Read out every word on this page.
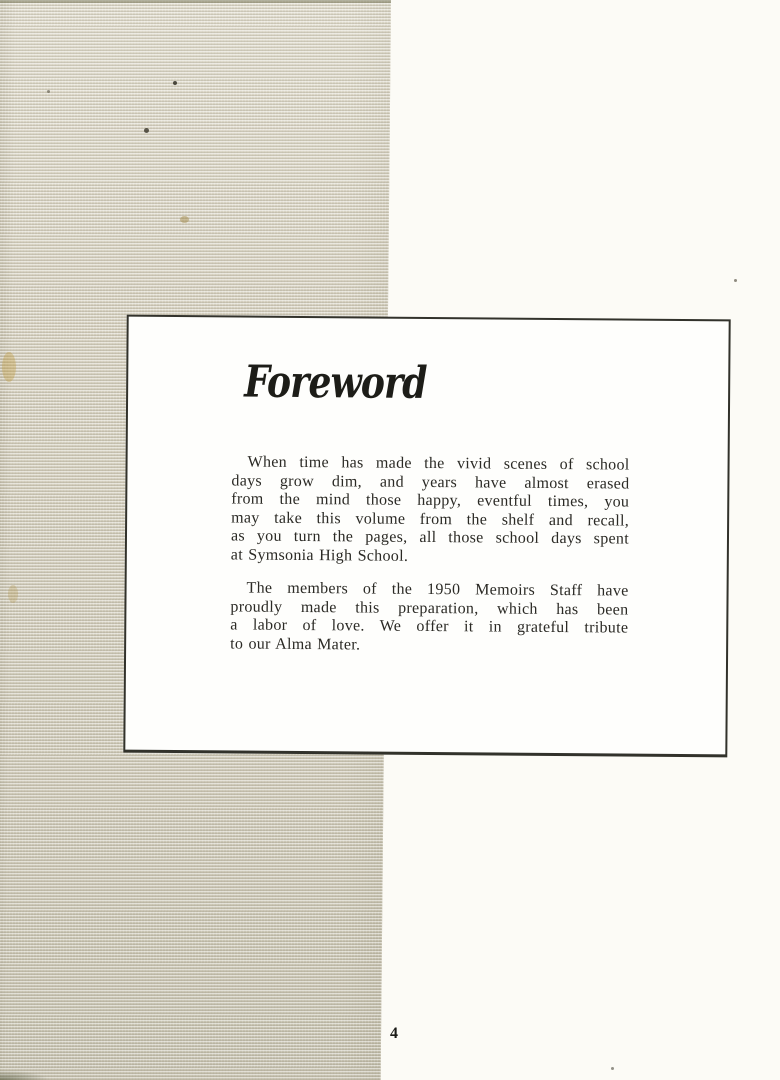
Foreword
When time has made the vivid scenes of school
days grow dim, and years have almost erased
from the mind those happy, eventful times, you
may take this volume from the shelf and recall,
as you turn the pages, all those school days spent
at Symsonia High School.
The members of the 1950 Memoirs Staff have
proudly made this preparation, which has been
a labor of love. We offer it in grateful tribute
to our Alma Mater.
4
